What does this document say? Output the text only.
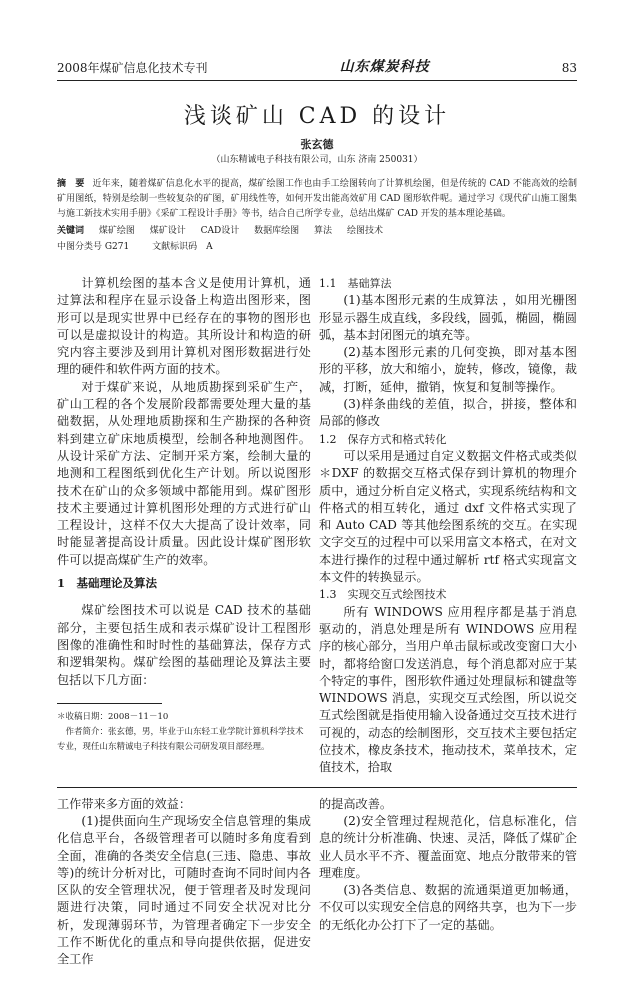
2008年煤矿信息化技术专刊	山东煤炭科技	83
浅谈矿山 CAD 的设计
张玄德
（山东精诚电子科技有限公司，山东 济南 250031）
摘　要 近年来，随着煤矿信息化水平的提高，煤矿绘图工作也由手工绘图转向了计算机绘图，但是传统的 CAD 不能高效的绘制矿用图纸，特别是绘制一些较复杂的矿图，矿用线性等，如何开发出能高效矿用 CAD 图形软件呢。通过学习《现代矿山施工图集与施工新技术实用手册》《采矿工程设计手册》等书，结合自己所学专业，总结出煤矿 CAD 开发的基本理论基础。
关键词 煤矿绘图 煤矿设计 CAD设计 数据库绘图 算法 绘图技术
中图分类号 G271	文献标识码　A

计算机绘图的基本含义是使用计算机，通过算法和程序在显示设备上构造出图形来，图形可以是现实世界中已经存在的事物的图形也可以是虚拟设计的构造。其所设计和构造的研究内容主要涉及到用计算机对图形数据进行处理的硬件和软件两方面的技术。

对于煤矿来说，从地质勘探到采矿生产，矿山工程的各个发展阶段都需要处理大量的基础数据，从处理地质勘探和生产勘探的各种资料到建立矿床地质模型，绘制各种地测图件。从设计采矿方法、定制开采方案，绘制大量的地测和工程图纸到优化生产计划。所以说图形技术在矿山的众多领域中都能用到。煤矿图形技术主要通过计算机图形处理的方式进行矿山工程设计，这样不仅大大提高了设计效率，同时能显著提高设计质量。因此设计煤矿图形软件可以提高煤矿生产的效率。

1　基础理论及算法

煤矿绘图技术可以说是 CAD 技术的基础部分，主要包括生成和表示煤矿设计工程图形图像的准确性和时时性的基础算法，保存方式和逻辑架构。煤矿绘图的基础理论及算法主要包括以下几方面：

＊收稿日期：2008－11－10

作者简介：张玄德，男，毕业于山东轻工业学院计算机科学技术专业，现任山东精诚电子科技有限公司研发项目部经理。

1.1　基础算法

(1)基本图形元素的生成算法 ，如用光栅图形显示器生成直线，多段线，圆弧，椭圆，椭圆弧，基本封闭图元的填充等。

(2)基本图形元素的几何变换，即对基本图形的平移，放大和缩小，旋转，修改，镜像，裁减，打断，延伸，撤销，恢复和复制等操作。

(3)样条曲线的差值，拟合，拼接，整体和局部的修改

1.2　保存方式和格式转化

可以采用是通过自定义数据文件格式或类似＊DXF 的数据交互格式保存到计算机的物理介质中，通过分析自定义格式，实现系统结构和文件格式的相互转化，通过 dxf 文件格式实现了和 Auto CAD 等其他绘图系统的交互。在实现文字交互的过程中可以采用富文本格式，在对文本进行操作的过程中通过解析 rtf 格式实现富文本文件的转换显示。

1.3　实现交互式绘图技术

所有 WINDOWS 应用程序都是基于消息驱动的，消息处理是所有 WINDOWS 应用程序的核心部分，当用户单击鼠标或改变窗口大小时，都将给窗口发送消息，每个消息都对应于某个特定的事件，图形软件通过处理鼠标和键盘等 WINDOWS 消息，实现交互式绘图，所以说交互式绘图就是指使用输入设备通过交互技术进行可视的，动态的绘制图形，交互技术主要包括定位技术，橡皮条技术，拖动技术，菜单技术，定值技术，拾取

工作带来多方面的效益：

(1)提供面向生产现场安全信息管理的集成化信息平台，各级管理者可以随时多角度看到全面，准确的各类安全信息(三违、隐患、事故等)的统计分析对比，可随时查询不同时间内各区队的安全管理状况，便于管理者及时发现问题进行决策，同时通过不同安全状况对比分析，发现薄弱环节，为管理者确定下一步安全工作不断优化的重点和导向提供依据，促进安全工作

的提高改善。

(2)安全管理过程规范化，信息标准化，信息的统计分析准确、快速、灵活，降低了煤矿企业人员水平不齐、覆盖面宽、地点分散带来的管理难度。

(3)各类信息、数据的流通渠道更加畅通，不仅可以实现安全信息的网络共享，也为下一步的无纸化办公打下了一定的基础。
